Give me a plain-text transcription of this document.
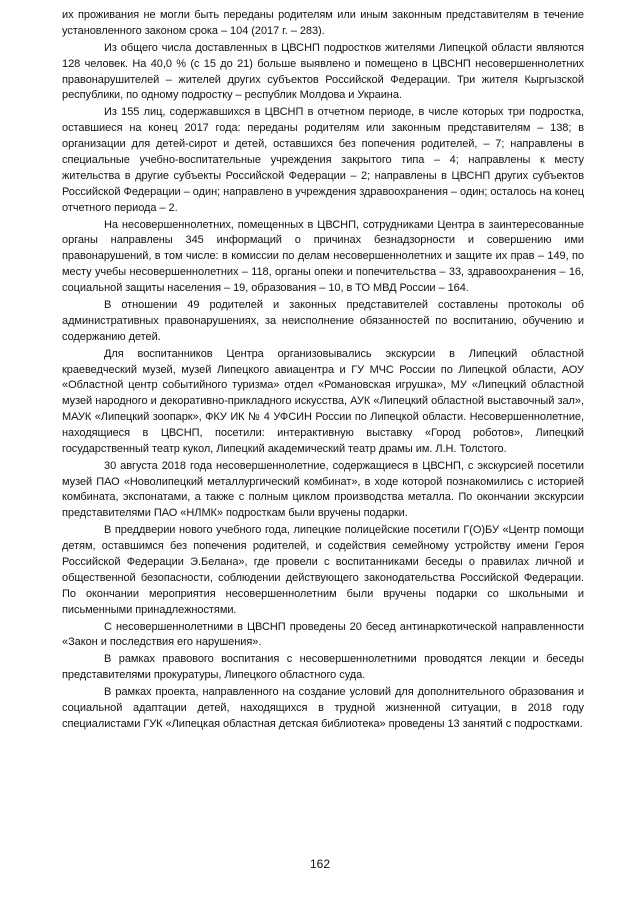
их проживания не могли быть переданы родителям или иным законным представителям в течение установленного законом срока – 104 (2017 г. – 283).

Из общего числа доставленных в ЦВСНП подростков жителями Липецкой области являются 128 человек. На 40,0 % (с 15 до 21) больше выявлено и помещено в ЦВСНП несовершеннолетних правонарушителей – жителей других субъектов Российской Федерации. Три жителя Кыргызской республики, по одному подростку – республик Молдова и Украина.

Из 155 лиц, содержавшихся в ЦВСНП в отчетном периоде, в числе которых три подростка, оставшиеся на конец 2017 года: переданы родителям или законным представителям – 138; в организации для детей-сирот и детей, оставшихся без попечения родителей, – 7; направлены в специальные учебно-воспитательные учреждения закрытого типа – 4; направлены к месту жительства в другие субъекты Российской Федерации – 2; направлены в ЦВСНП других субъектов Российской Федерации – один; направлено в учреждения здравоохранения – один; осталось на конец отчетного периода – 2.

На несовершеннолетних, помещенных в ЦВСНП, сотрудниками Центра в заинтересованные органы направлены 345 информаций о причинах безнадзорности и совершению ими правонарушений, в том числе: в комиссии по делам несовершеннолетних и защите их прав – 149, по месту учебы несовершеннолетних – 118, органы опеки и попечительства – 33, здравоохранения – 16, социальной защиты населения – 19, образования – 10, в ТО МВД России – 164.

В отношении 49 родителей и законных представителей составлены протоколы об административных правонарушениях, за неисполнение обязанностей по воспитанию, обучению и содержанию детей.

Для воспитанников Центра организовывались экскурсии в Липецкий областной краеведческий музей, музей Липецкого авиацентра и ГУ МЧС России по Липецкой области, АОУ «Областной центр событийного туризма» отдел «Романовская игрушка», МУ «Липецкий областной музей народного и декоративно-прикладного искусства, АУК «Липецкий областной выставочный зал», МАУК «Липецкий зоопарк», ФКУ ИК № 4 УФСИН России по Липецкой области. Несовершеннолетние, находящиеся в ЦВСНП, посетили: интерактивную выставку «Город роботов», Липецкий государственный театр кукол, Липецкий академический театр драмы им. Л.Н. Толстого.

30 августа 2018 года несовершеннолетние, содержащиеся в ЦВСНП, с экскурсией посетили музей ПАО «Новолипецкий металлургический комбинат», в ходе которой познакомились с историей комбината, экспонатами, а также с полным циклом производства металла. По окончании экскурсии представителями ПАО «НЛМК» подросткам были вручены подарки.

В преддверии нового учебного года, липецкие полицейские посетили Г(О)БУ «Центр помощи детям, оставшимся без попечения родителей, и содействия семейному устройству имени Героя Российской Федерации Э.Белана», где провели с воспитанниками беседы о правилах личной и общественной безопасности, соблюдении действующего законодательства Российской Федерации. По окончании мероприятия несовершеннолетним были вручены подарки со школьными и письменными принадлежностями.

С несовершеннолетними в ЦВСНП проведены 20 бесед антинаркотической направленности «Закон и последствия его нарушения».

В рамках правового воспитания с несовершеннолетними проводятся лекции и беседы представителями прокуратуры, Липецкого областного суда.

В рамках проекта, направленного на создание условий для дополнительного образования и социальной адаптации детей, находящихся в трудной жизненной ситуации, в 2018 году специалистами ГУК «Липецкая областная детская библиотека» проведены 13 занятий с подростками.

162
